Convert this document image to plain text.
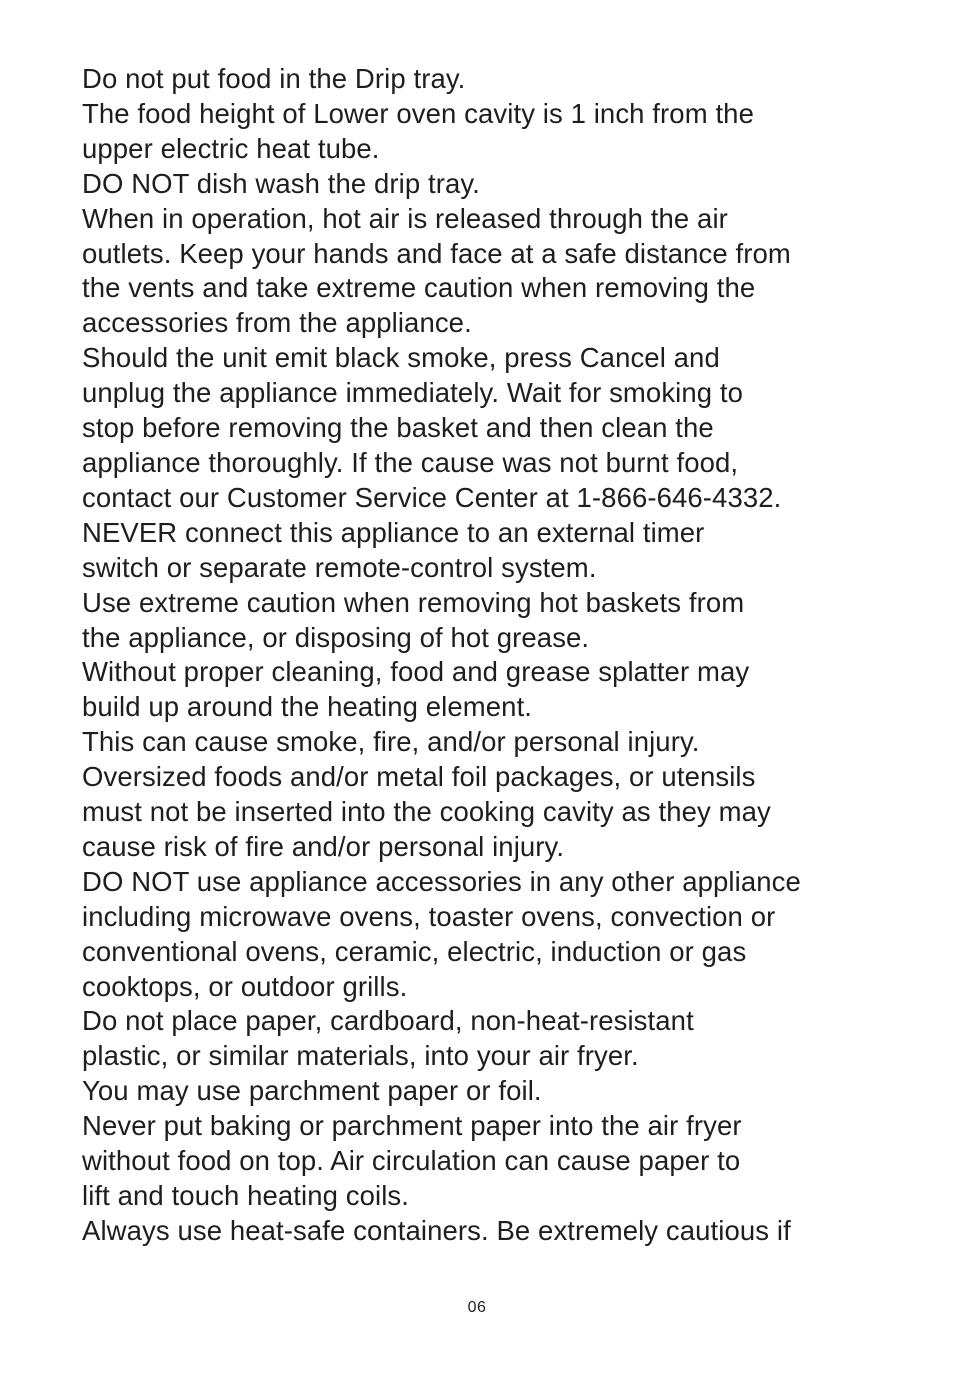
Do not put food in the Drip tray.

The food height of Lower oven cavity is 1 inch from the
upper electric heat tube.

DO NOT dish wash the drip tray.

When in operation, hot air is released through the air
outlets. Keep your hands and face at a safe distance from
the vents and take extreme caution when removing the
accessories from the appliance.

Should the unit emit black smoke, press Cancel and
unplug the appliance immediately. Wait for smoking to
stop before removing the basket and then clean the
appliance thoroughly. If the cause was not burnt food,
contact our Customer Service Center at 1-866-646-4332.

NEVER connect this appliance to an external timer
switch or separate remote-control system.

Use extreme caution when removing hot baskets from
the appliance, or disposing of hot grease.

Without proper cleaning, food and grease splatter may
build up around the heating element.

This can cause smoke, fire, and/or personal injury.

Oversized foods and/or metal foil packages, or utensils
must not be inserted into the cooking cavity as they may
cause risk of fire and/or personal injury.

DO NOT use appliance accessories in any other appliance
including microwave ovens, toaster ovens, convection or
conventional ovens, ceramic, electric, induction or gas
cooktops, or outdoor grills.

Do not place paper, cardboard, non-heat-resistant
plastic, or similar materials, into your air fryer.

You may use parchment paper or foil.

Never put baking or parchment paper into the air fryer
without food on top. Air circulation can cause paper to
lift and touch heating coils.

Always use heat-safe containers. Be extremely cautious if

06
